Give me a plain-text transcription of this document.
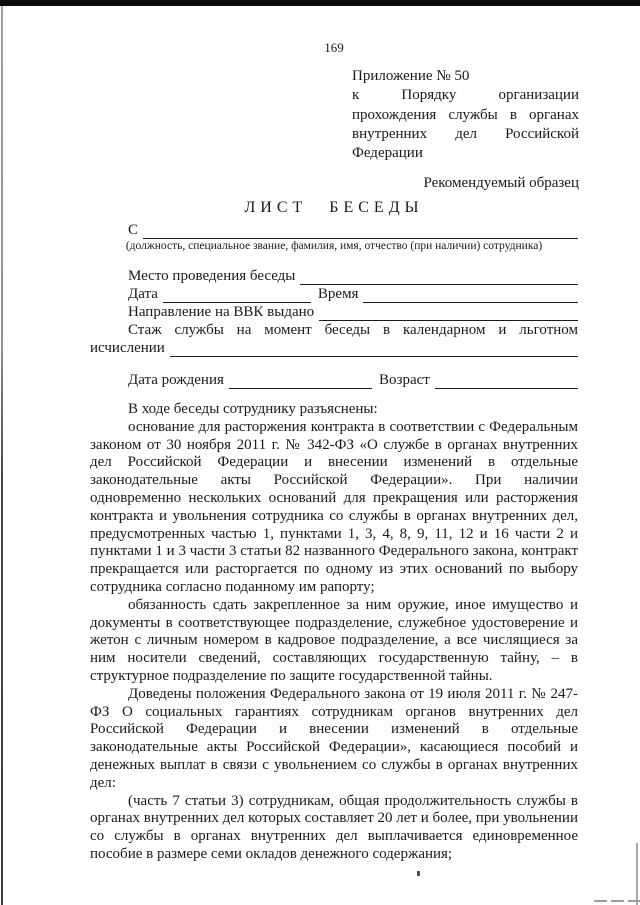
169
Приложение № 50
к Порядку организации
прохождения службы в органах
внутренних дел Российской
Федерации
Рекомендуемый образец
ЛИСТ БЕСЕДЫ
С
(должность, специальное звание, фамилия, имя, отчество (при наличии) сотрудника)
Место проведения беседы
Дата	Время
Направление на ВВК выдано
Стаж службы на момент беседы в календарном и льготном
исчислении
Дата рождения	Возраст

В ходе беседы сотруднику разъяснены:

основание для расторжения контракта в соответствии с Федеральным законом от 30 ноября 2011 г. № 342-ФЗ «О службе в органах внутренних дел Российской Федерации и внесении изменений в отдельные законодательные акты Российской Федерации». При наличии одновременно нескольких оснований для прекращения или расторжения контракта и увольнения сотрудника со службы в органах внутренних дел, предусмотренных частью 1, пунктами 1, 3, 4, 8, 9, 11, 12 и 16 части 2 и пунктами 1 и 3 части 3 статьи 82 названного Федерального закона, контракт прекращается или расторгается по одному из этих оснований по выбору сотрудника согласно поданному им рапорту;

обязанность сдать закрепленное за ним оружие, иное имущество и документы в соответствующее подразделение, служебное удостоверение и жетон с личным номером в кадровое подразделение, а все числящиеся за ним носители сведений, составляющих государственную тайну, – в структурное подразделение по защите государственной тайны.

Доведены положения Федерального закона от 19 июля 2011 г. № 247-ФЗ О социальных гарантиях сотрудникам органов внутренних дел Российской Федерации и внесении изменений в отдельные законодательные акты Российской Федерации», касающиеся пособий и денежных выплат в связи с увольнением со службы в органах внутренних дел:

(часть 7 статьи 3) сотрудникам, общая продолжительность службы в органах внутренних дел которых составляет 20 лет и более, при увольнении со службы в органах внутренних дел выплачивается единовременное пособие в размере семи окладов денежного содержания;
